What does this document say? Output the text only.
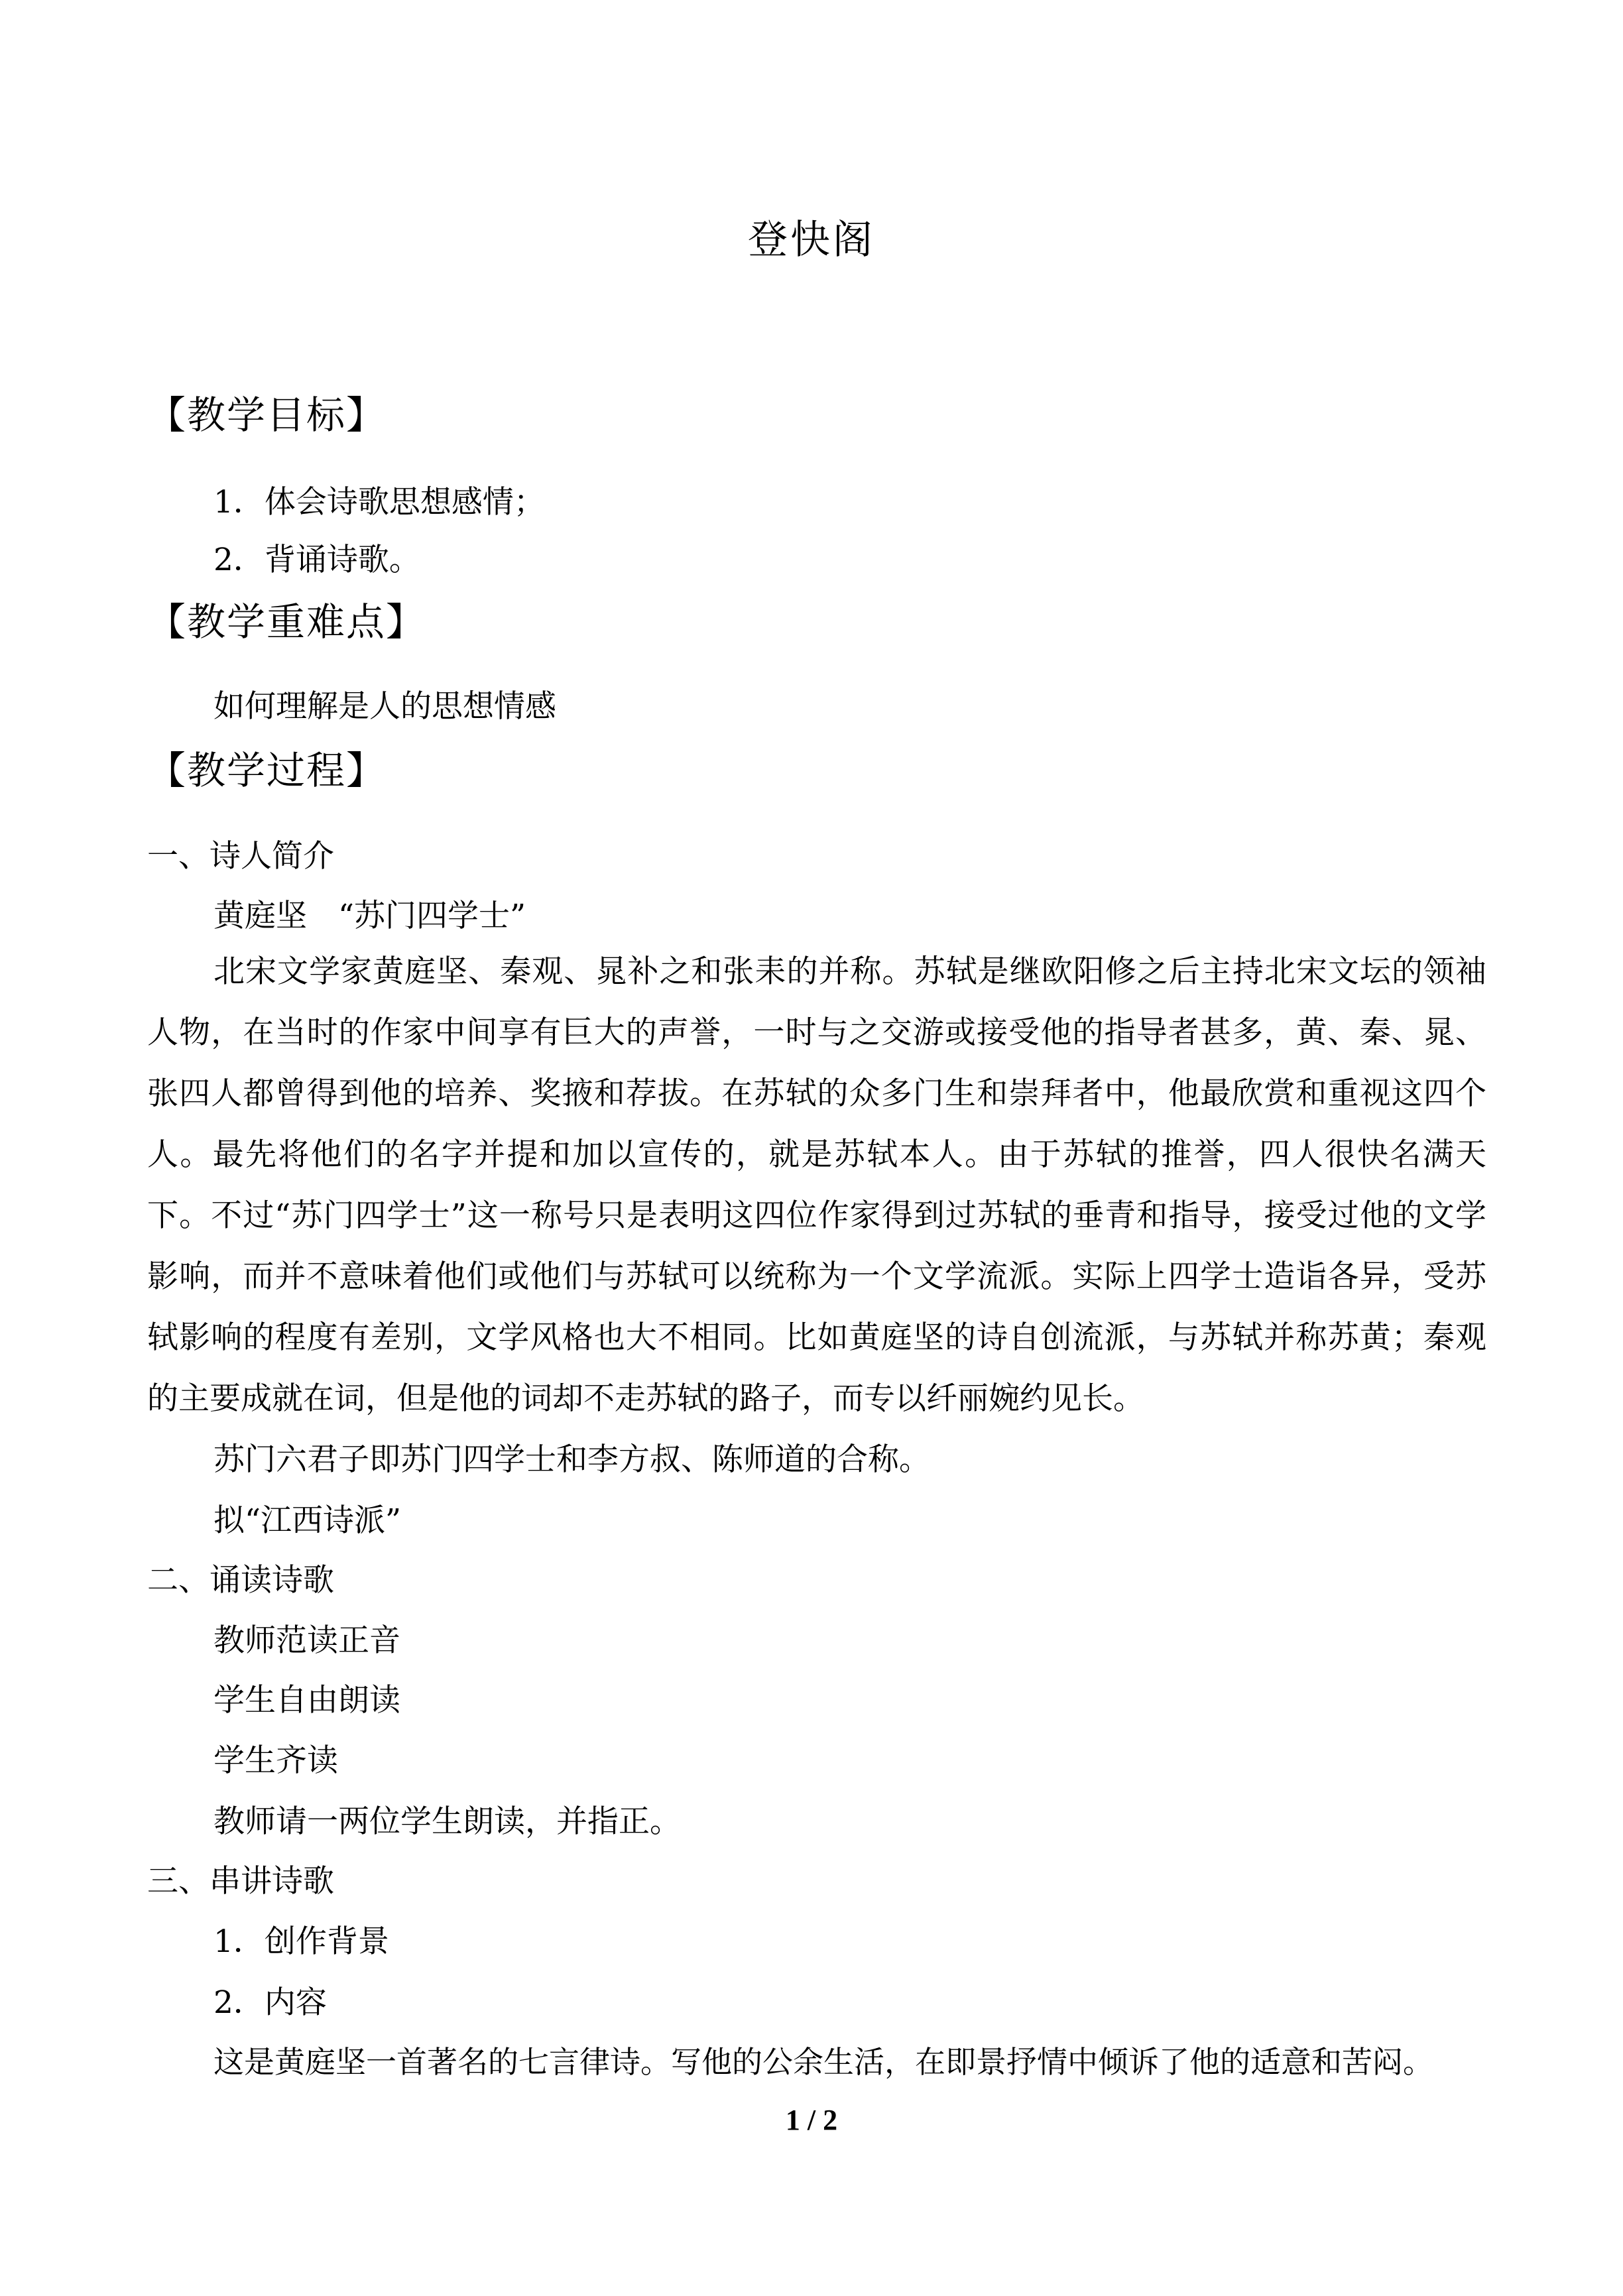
登快阁
【教学目标】
1．体会诗歌思想感情；
2．背诵诗歌。
【教学重难点】
如何理解是人的思想情感
【教学过程】
一、诗人简介
黄庭坚　“苏门四学士”
北宋文学家黄庭坚、秦观、晁补之和张耒的并称。苏轼是继欧阳修之后主持北宋文坛的领袖人物，在当时的作家中间享有巨大的声誉，一时与之交游或接受他的指导者甚多，黄、秦、晁、张四人都曾得到他的培养、奖掖和荐拔。在苏轼的众多门生和崇拜者中，他最欣赏和重视这四个人。最先将他们的名字并提和加以宣传的，就是苏轼本人。由于苏轼的推誉，四人很快名满天下。不过“苏门四学士”这一称号只是表明这四位作家得到过苏轼的垂青和指导，接受过他的文学影响，而并不意味着他们或他们与苏轼可以统称为一个文学流派。实际上四学士造诣各异，受苏轼影响的程度有差别，文学风格也大不相同。比如黄庭坚的诗自创流派，与苏轼并称苏黄；秦观的主要成就在词，但是他的词却不走苏轼的路子，而专以纤丽婉约见长。
苏门六君子即苏门四学士和李方叔、陈师道的合称。
拟“江西诗派”
二、诵读诗歌
教师范读正音
学生自由朗读
学生齐读
教师请一两位学生朗读，并指正。
三、串讲诗歌
1．创作背景
2．内容
这是黄庭坚一首著名的七言律诗。写他的公余生活，在即景抒情中倾诉了他的适意和苦闷。
1 / 2
